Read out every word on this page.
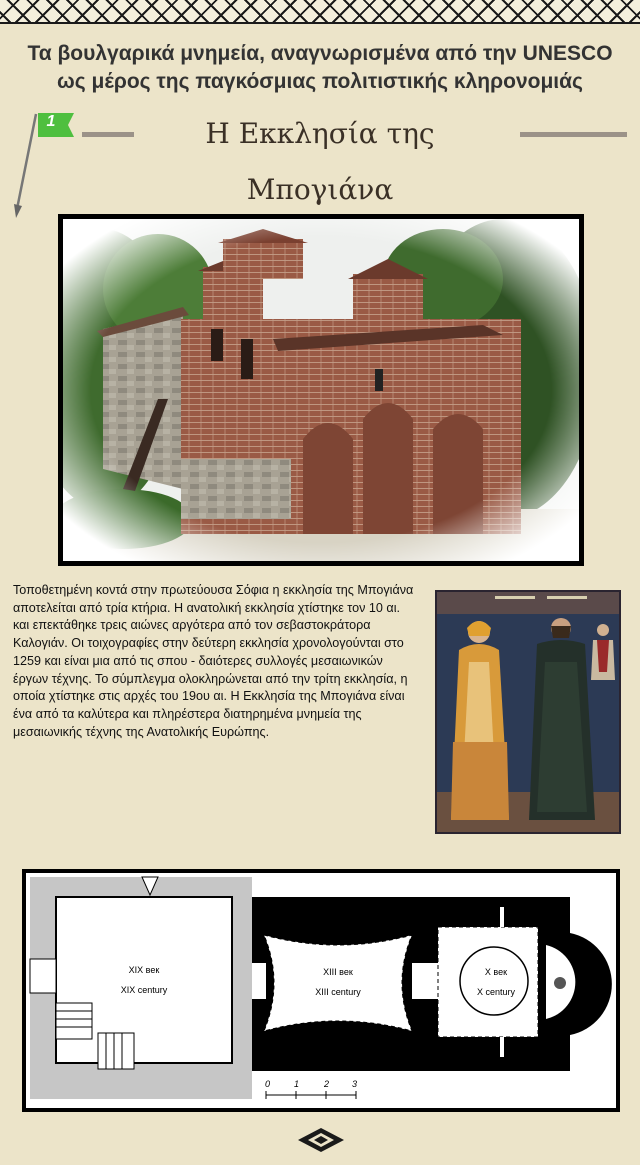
Τα βουλγαρικά μνημεία, αναγνωρισμένα από την UNESCO
ως μέρος της παγκόσμιας πολιτιστικής κληρονομιάς
1	Η Εκκλησία της Μπογιάνα
Τοποθετημένη κοντά στην πρωτεύουσα Σόφια η εκκλησία της Μπογιάνα αποτελείται από τρία κτήρια. Η ανατολική εκκλησία χτίστηκε τον 10 αι. και επεκτάθηκε τρεις αιώνες αργότερα από τον σεβαστοκράτορα Καλογιάν. Οι τοιχογραφίες στην δεύτερη εκκλησία χρονολογούνται στο 1259 και είναι μια από τις σπου - δαιότερες συλλογές μεσαιωνικών έργων τέχνης. Το σύμπλεγμα ολοκληρώνεται από την τρίτη εκκλησία, η οποία χτίστηκε στις αρχές του 19ου αι. Η Εκκλησία της Μπογιάνα είναι ένα από τα καλύτερα και πληρέστερα διατηρημένα μνημεία της μεσαιωνικής τέχνης της Ανατολικής Ευρώπης.
XIX век
XIX century
XIII век
XIII century
X век
X century
0	1	2	3
